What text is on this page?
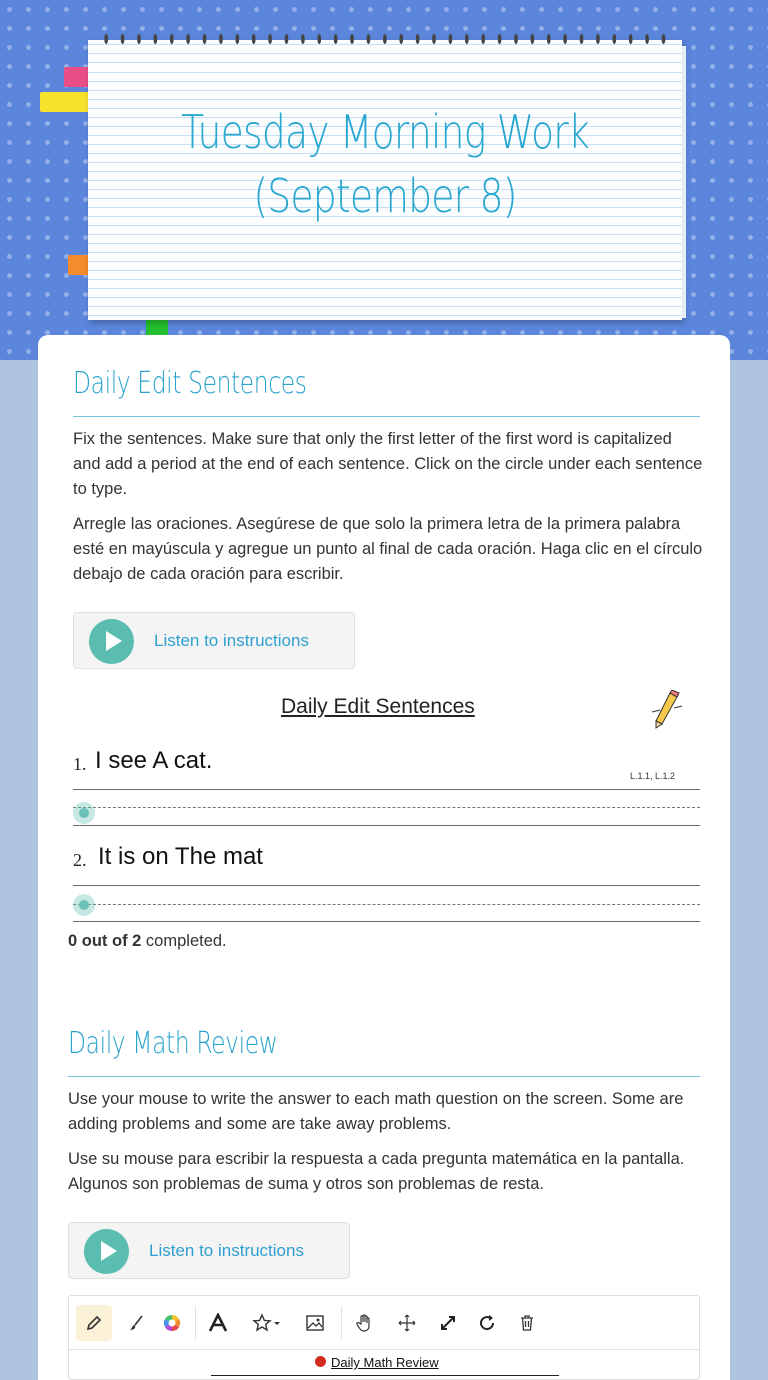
Tuesday Morning Work
(September 8)
Daily Edit Sentences
Fix the sentences. Make sure that only the first letter of the first word is capitalized and add a period at the end of each sentence. Click on the circle under each sentence to type.
Arregle las oraciones. Asegúrese de que solo la primera letra de la primera palabra esté en mayúscula y agregue un punto al final de cada oración. Haga clic en el círculo debajo de cada oración para escribir.
Listen to instructions
Daily Edit Sentences
1. I see A cat.
L.1.1, L.1.2
2. It is on The mat
0 out of 2 completed.
Daily Math Review
Use your mouse to write the answer to each math question on the screen. Some are adding problems and some are take away problems.
Use su mouse para escribir la respuesta a cada pregunta matemática en la pantalla. Algunos son problemas de suma y otros son problemas de resta.
Listen to instructions
Daily Math Review
